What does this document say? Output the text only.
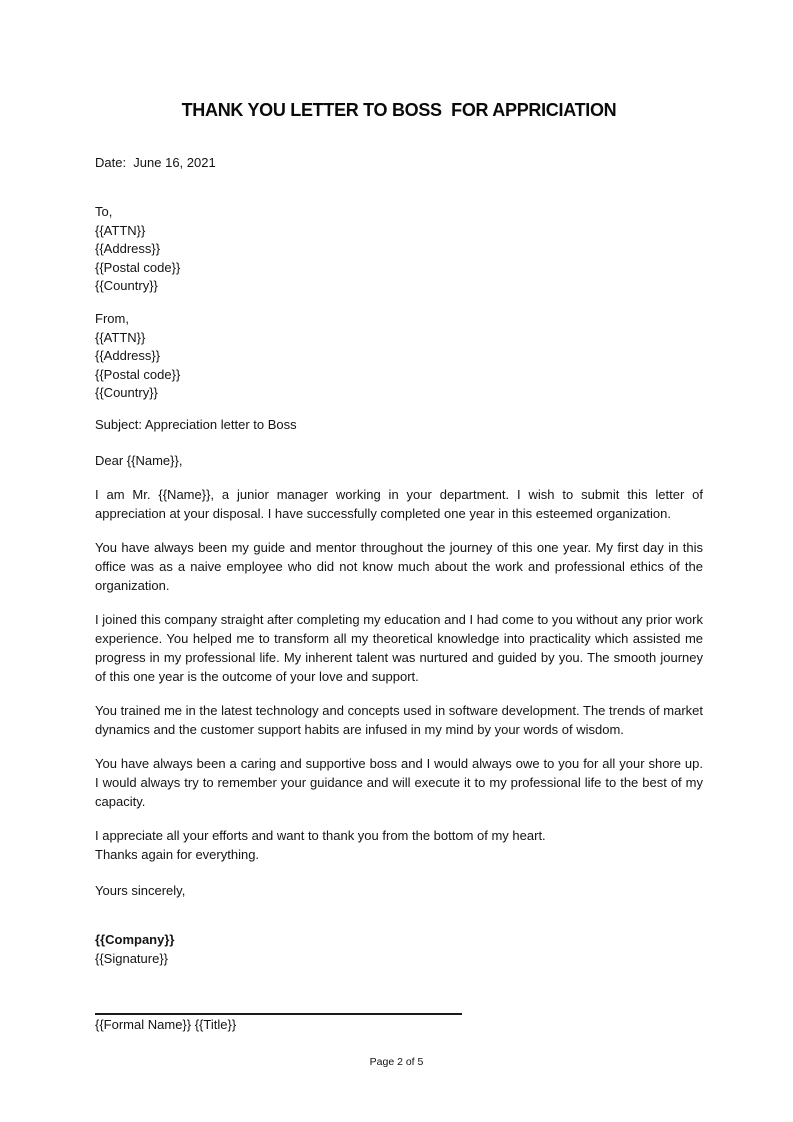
THANK YOU LETTER TO BOSS  FOR APPRICIATION
Date:  June 16, 2021
To,
{{ATTN}}
{{Address}}
{{Postal code}}
{{Country}}
From,
{{ATTN}}
{{Address}}
{{Postal code}}
{{Country}}
Subject: Appreciation letter to Boss
Dear {{Name}},
I am Mr. {{Name}}, a junior manager working in your department. I wish to submit this letter of appreciation at your disposal. I have successfully completed one year in this esteemed organization.
You have always been my guide and mentor throughout the journey of this one year. My first day in this office was as a naive employee who did not know much about the work and professional ethics of the organization.
I joined this company straight after completing my education and I had come to you without any prior work experience. You helped me to transform all my theoretical knowledge into practicality which assisted me progress in my professional life. My inherent talent was nurtured and guided by you. The smooth journey of this one year is the outcome of your love and support.
You trained me in the latest technology and concepts used in software development. The trends of market dynamics and the customer support habits are infused in my mind by your words of wisdom.
You have always been a caring and supportive boss and I would always owe to you for all your shore up. I would always try to remember your guidance and will execute it to my professional life to the best of my capacity.
I appreciate all your efforts and want to thank you from the bottom of my heart.
Thanks again for everything.
Yours sincerely,
{{Company}}
{{Signature}}
{{Formal Name}} {{Title}}
Page 2 of 5
